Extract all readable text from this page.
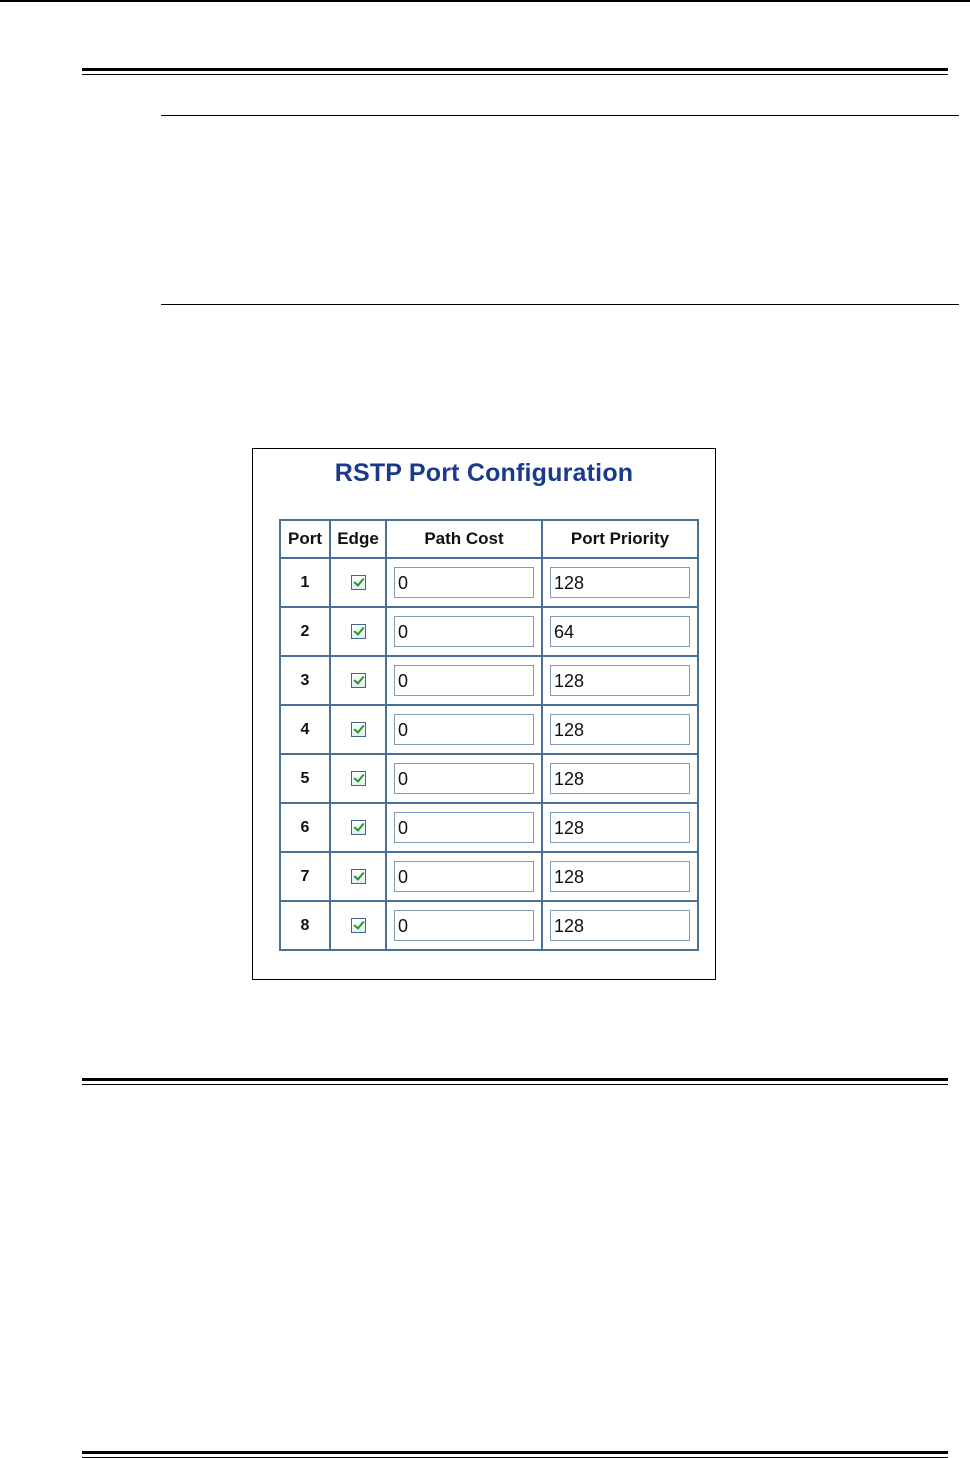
RSTP Port Configuration
Port	Edge	Path Cost	Port Priority
1		0	128

2		0	64

3		0	128

4		0	128

5		0	128

6		0	128

7		0	128

8		0	128
